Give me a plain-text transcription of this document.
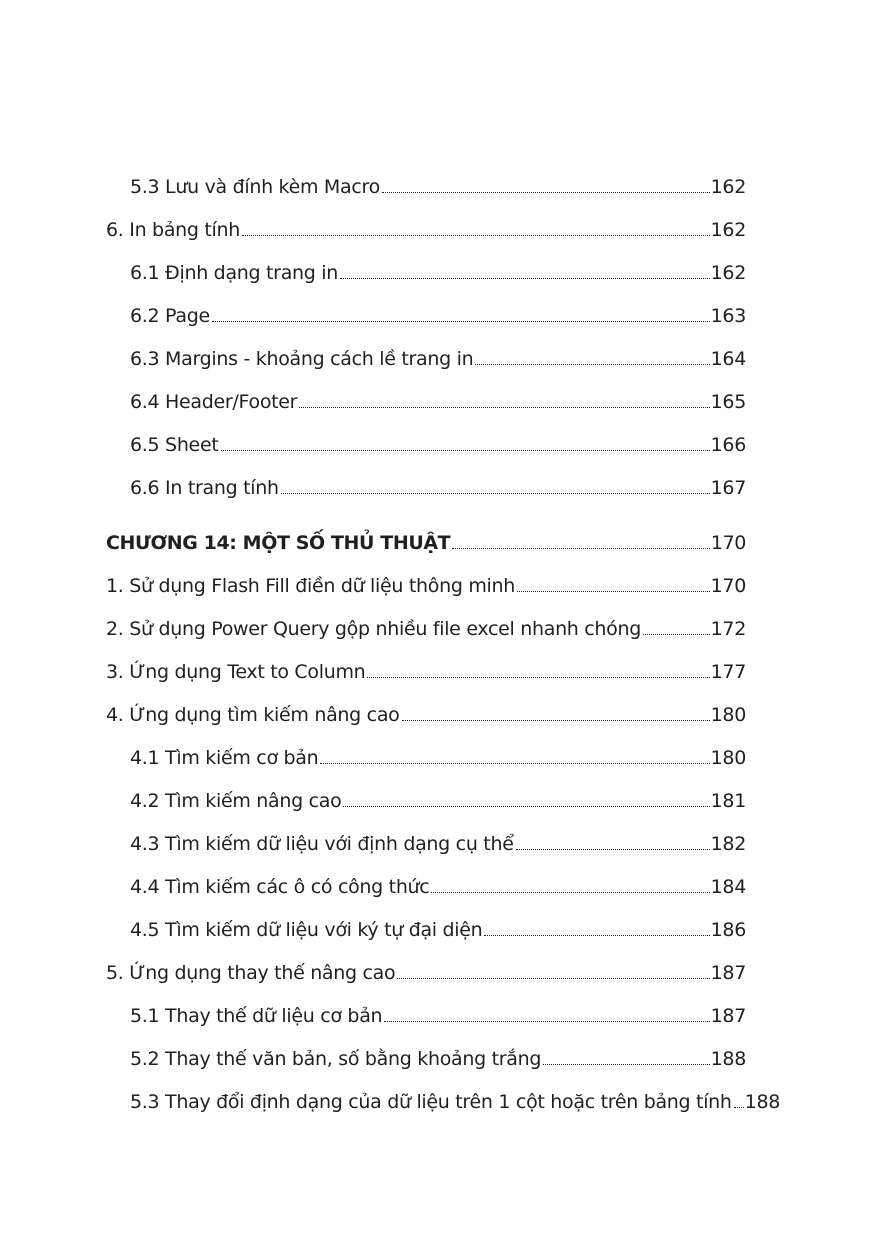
5.3 Lưu và đính kèm Macro	162
6. In bảng tính	162
6.1 Định dạng trang in	162
6.2 Page	163
6.3 Margins - khoảng cách lề trang in	164
6.4 Header/Footer	165
6.5 Sheet	166
6.6 In trang tính	167
CHƯƠNG 14: MỘT SỐ THỦ THUẬT	170
1. Sử dụng Flash Fill điền dữ liệu thông minh	170
2. Sử dụng Power Query gộp nhiều file excel nhanh chóng	172
3. Ứng dụng Text to Column	177
4. Ứng dụng tìm kiếm nâng cao	180
4.1 Tìm kiếm cơ bản	180
4.2 Tìm kiếm nâng cao	181
4.3 Tìm kiếm dữ liệu với định dạng cụ thể	182
4.4 Tìm kiếm các ô có công thức	184
4.5 Tìm kiếm dữ liệu với ký tự đại diện	186
5. Ứng dụng thay thế nâng cao	187
5.1 Thay thế dữ liệu cơ bản	187
5.2 Thay thế văn bản, số bằng khoảng trắng	188
5.3 Thay đổi định dạng của dữ liệu trên 1 cột hoặc trên bảng tính 188
